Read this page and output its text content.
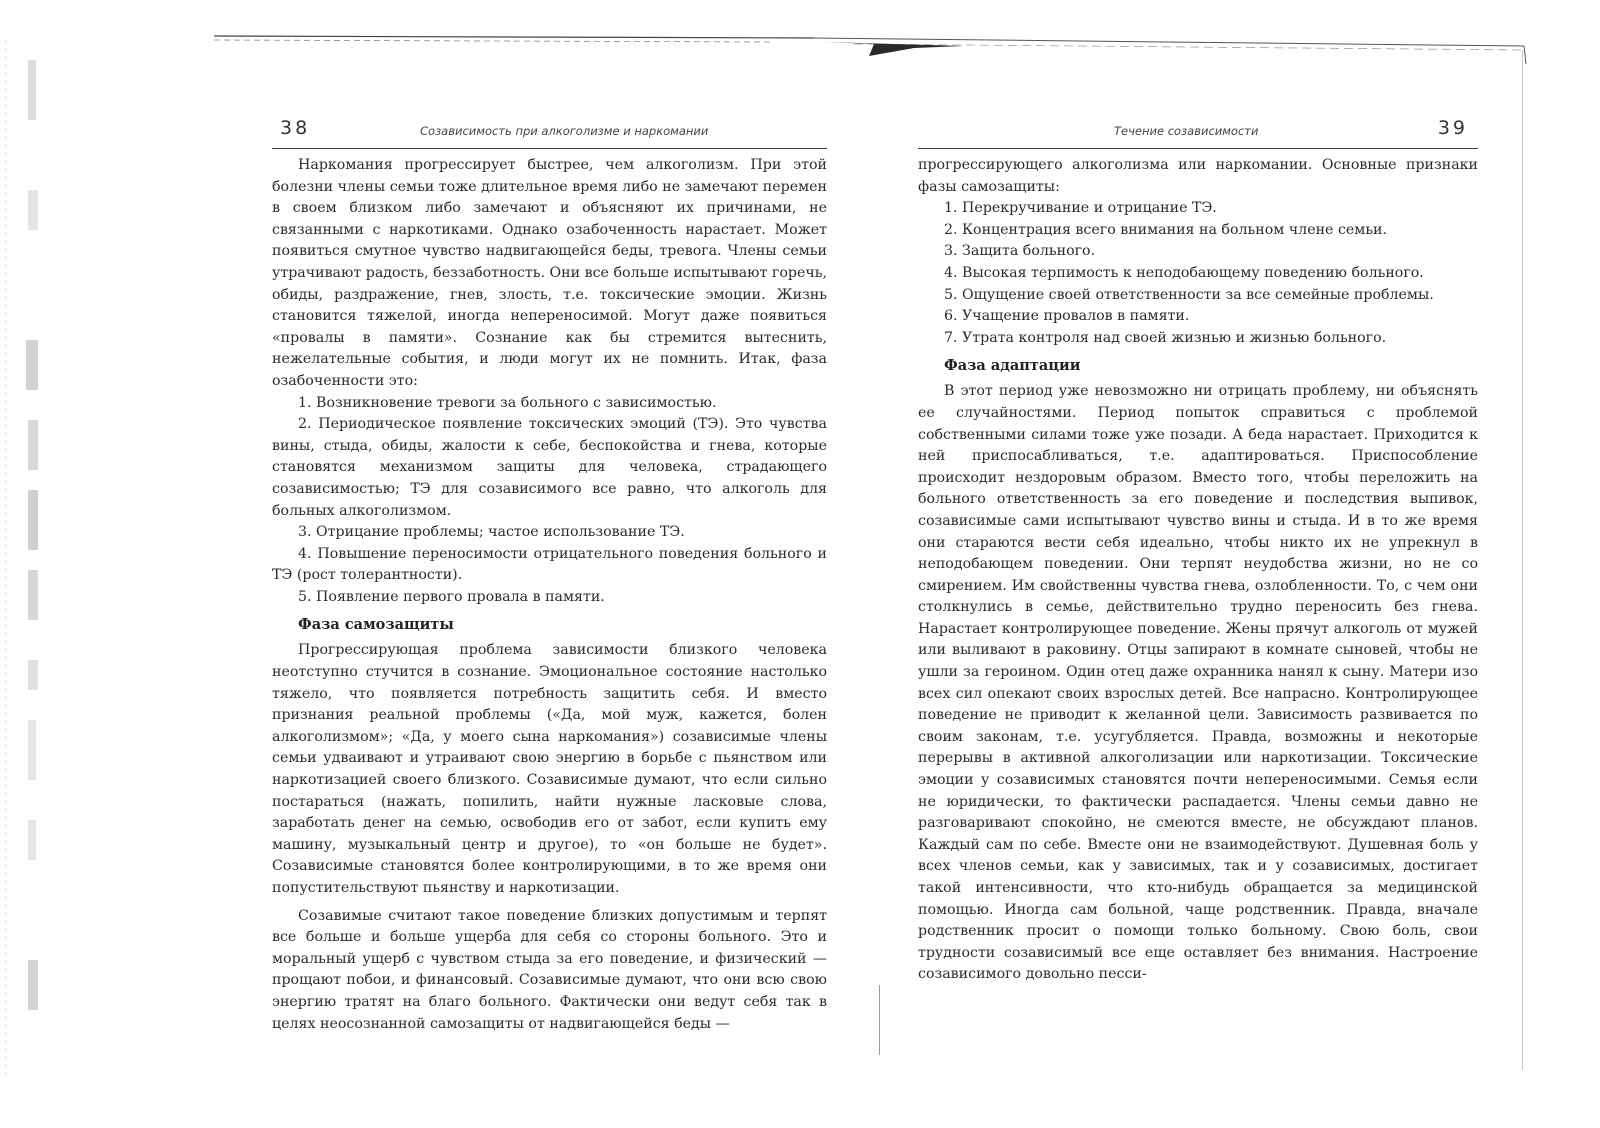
38	Созависимость при алкоголизме и наркомании

Наркомания прогрессирует быстрее, чем алкоголизм. При этой болезни члены семьи тоже длительное время либо не замечают перемен в своем близком либо замечают и объясняют их причинами, не связанными с наркотиками. Однако озабоченность нарастает. Может появиться смутное чувство надвигающейся беды, тревога. Члены семьи утрачивают радость, беззаботность. Они все больше испытывают горечь, обиды, раздражение, гнев, злость, т.е. токсические эмоции. Жизнь становится тяжелой, иногда непереносимой. Могут даже появиться «провалы в памяти». Сознание как бы стремится вытеснить, нежелательные события, и люди могут их не помнить. Итак, фаза озабоченности это:

1. Возникновение тревоги за больного с зависимостью.
2. Периодическое появление токсических эмоций (ТЭ). Это чувства вины, стыда, обиды, жалости к себе, беспокойства и гнева, которые становятся механизмом защиты для человека, страдающего созависимостью; ТЭ для созависимого все равно, что алкоголь для больных алкоголизмом.
3. Отрицание проблемы; частое использование ТЭ.
4. Повышение переносимости отрицательного поведения больного и ТЭ (рост толерантности).
5. Появление первого провала в памяти.
Фаза самозащиты

Прогрессирующая проблема зависимости близкого человека неотступно стучится в сознание. Эмоциональное состояние настолько тяжело, что появляется потребность защитить себя. И вместо признания реальной проблемы («Да, мой муж, кажется, болен алкоголизмом»; «Да, у моего сына наркомания») созависимые члены семьи удваивают и утраивают свою энергию в борьбе с пьянством или наркотизацией своего близкого. Созависимые думают, что если сильно постараться (нажать, попилить, найти нужные ласковые слова, заработать денег на семью, освободив его от забот, если купить ему машину, музыкальный центр и другое), то «он больше не будет». Созависимые становятся более контролирующими, в то же время они попустительствуют пьянству и наркотизации.

Созавимые считают такое поведение близких допустимым и терпят все больше и больше ущерба для себя со стороны больного. Это и моральный ущерб с чувством стыда за его поведение, и физический — прощают побои, и финансовый. Созависимые думают, что они всю свою энергию тратят на благо больного. Фактически они ведут себя так в целях неосознанной самозащиты от надвигающейся беды —

Течение созависимости	39

прогрессирующего алкоголизма или наркомании. Основные признаки фазы самозащиты:

1. Перекручивание и отрицание ТЭ.
2. Концентрация всего внимания на больном члене семьи.
3. Защита больного.
4. Высокая терпимость к неподобающему поведению больного.
5. Ощущение своей ответственности за все семейные проблемы.
6. Учащение провалов в памяти.
7. Утрата контроля над своей жизнью и жизнью больного.
Фаза адаптации

В этот период уже невозможно ни отрицать проблему, ни объяснять ее случайностями. Период попыток справиться с проблемой собственными силами тоже уже позади. А беда нарастает. Приходится к ней приспосабливаться, т.е. адаптироваться. Приспособление происходит нездоровым образом. Вместо того, чтобы переложить на больного ответственность за его поведение и последствия выпивок, созависимые сами испытывают чувство вины и стыда. И в то же время они стараются вести себя идеально, чтобы никто их не упрекнул в неподобающем поведении. Они терпят неудобства жизни, но не со смирением. Им свойственны чувства гнева, озлобленности. То, с чем они столкнулись в семье, действительно трудно переносить без гнева. Нарастает контролирующее поведение. Жены прячут алкоголь от мужей или выливают в раковину. Отцы запирают в комнате сыновей, чтобы не ушли за героином. Один отец даже охранника нанял к сыну. Матери изо всех сил опекают своих взрослых детей. Все напрасно. Контролирующее поведение не приводит к желанной цели. Зависимость развивается по своим законам, т.е. усугубляется. Правда, возможны и некоторые перерывы в активной алкоголизации или наркотизации. Токсические эмоции у созависимых становятся почти непереносимыми. Семья если не юридически, то фактически распадается. Члены семьи давно не разговаривают спокойно, не смеются вместе, не обсуждают планов. Каждый сам по себе. Вместе они не взаимодействуют. Душевная боль у всех членов семьи, как у зависимых, так и у созависимых, достигает такой интенсивности, что кто-нибудь обращается за медицинской помощью. Иногда сам больной, чаще родственник. Правда, вначале родственник просит о помощи только больному. Свою боль, свои трудности созависимый все еще оставляет без внимания. Настроение созависимого довольно песси-
